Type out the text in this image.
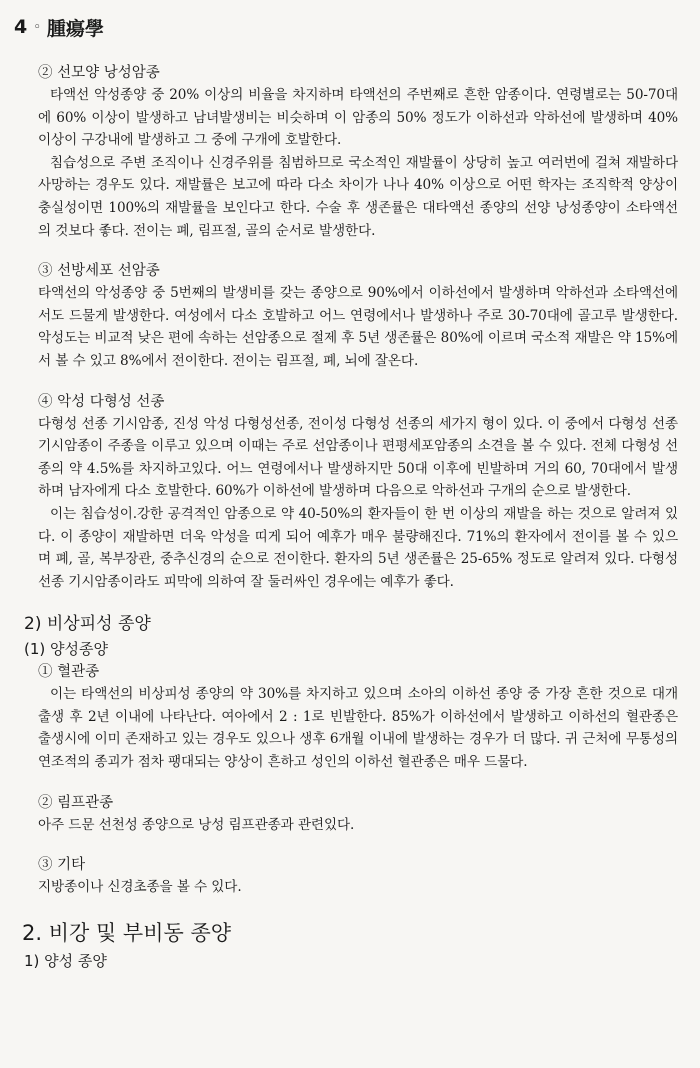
4 ◦ 腫瘍學

② 선모양 낭성암종

타액선 악성종양 중 20% 이상의 비율을 차지하며 타액선의 주번째로 흔한 암종이다. 연령별로는 50-70대에 60% 이상이 발생하고 남녀발생비는 비슷하며 이 암종의 50% 정도가 이하선과 악하선에 발생하며 40% 이상이 구강내에 발생하고 그 중에 구개에 호발한다.

침습성으로 주변 조직이나 신경주위를 침범하므로 국소적인 재발률이 상당히 높고 여러번에 걸쳐 재발하다 사망하는 경우도 있다. 재발률은 보고에 따라 다소 차이가 나나 40% 이상으로 어떤 학자는 조직학적 양상이 충실성이면 100%의 재발률을 보인다고 한다. 수술 후 생존률은 대타액선 종양의 선양 낭성종양이 소타액선의 것보다 좋다. 전이는 폐, 림프절, 골의 순서로 발생한다.

③ 선방세포 선암종

타액선의 악성종양 중 5번째의 발생비를 갖는 종양으로 90%에서 이하선에서 발생하며 악하선과 소타액선에서도 드물게 발생한다. 여성에서 다소 호발하고 어느 연령에서나 발생하나 주로 30-70대에 골고루 발생한다. 악성도는 비교적 낮은 편에 속하는 선암종으로 절제 후 5년 생존률은 80%에 이르며 국소적 재발은 약 15%에서 볼 수 있고 8%에서 전이한다. 전이는 림프절, 폐, 뇌에 잘온다.

④ 악성 다형성 선종

다형성 선종 기시암종, 진성 악성 다형성선종, 전이성 다형성 선종의 세가지 형이 있다. 이 중에서 다형성 선종 기시암종이 주종을 이루고 있으며 이때는 주로 선암종이나 편평세포암종의 소견을 볼 수 있다. 전체 다형성 선종의 약 4.5%를 차지하고있다. 어느 연령에서나 발생하지만 50대 이후에 빈발하며 거의 60, 70대에서 발생하며 남자에게 다소 호발한다. 60%가 이하선에 발생하며 다음으로 악하선과 구개의 순으로 발생한다.

이는 침습성이.강한 공격적인 암종으로 약 40-50%의 환자들이 한 번 이상의 재발을 하는 것으로 알려져 있다. 이 종양이 재발하면 더욱 악성을 띠게 되어 예후가 매우 불량해진다. 71%의 환자에서 전이를 볼 수 있으며 폐, 골, 복부장관, 중추신경의 순으로 전이한다. 환자의 5년 생존률은 25-65% 정도로 알려져 있다. 다형성 선종 기시암종이라도 피막에 의하여 잘 둘러싸인 경우에는 예후가 좋다.

2) 비상피성 종양

(1) 양성종양

① 혈관종

이는 타액선의 비상피성 종양의 약 30%를 차지하고 있으며 소아의 이하선 종양 중 가장 흔한 것으로 대개 출생 후 2년 이내에 나타난다. 여아에서 2 : 1로 빈발한다. 85%가 이하선에서 발생하고 이하선의 혈관종은 출생시에 이미 존재하고 있는 경우도 있으나 생후 6개월 이내에 발생하는 경우가 더 많다. 귀 근처에 무통성의 연조적의 종괴가 점차 팽대되는 양상이 흔하고 성인의 이하선 혈관종은 매우 드물다.

② 림프관종

아주 드문 선천성 종양으로 낭성 림프관종과 관련있다.

③ 기타

지방종이나 신경초종을 볼 수 있다.

2. 비강 및 부비동 종양

1) 양성 종양
